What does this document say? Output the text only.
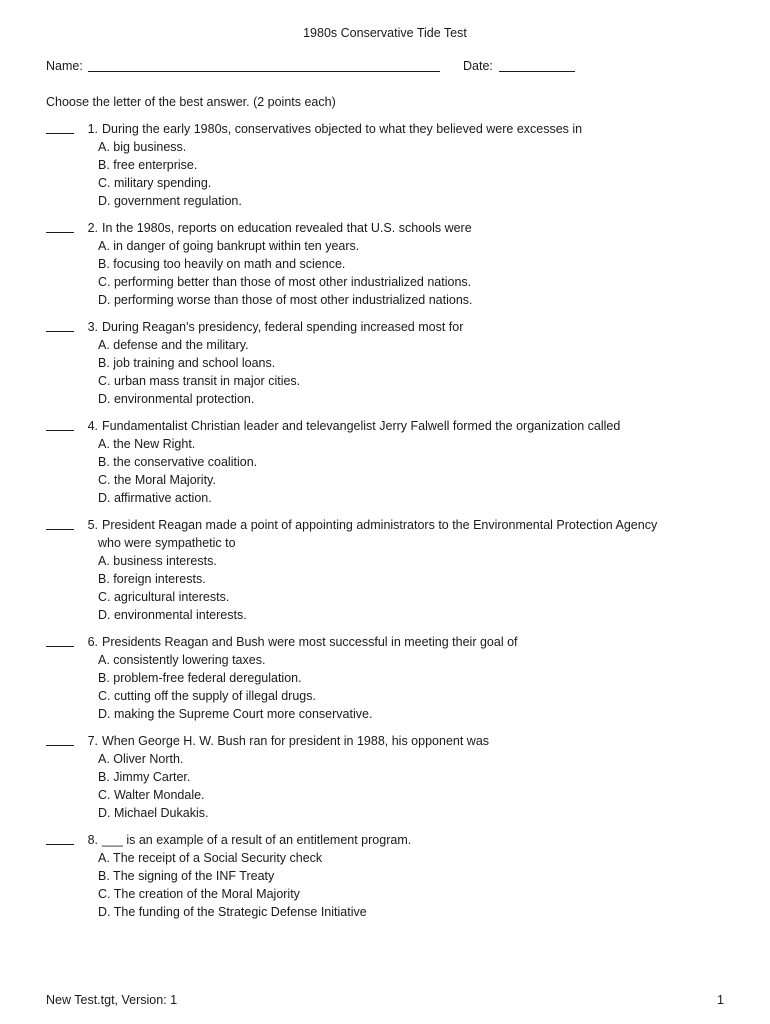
1980s Conservative Tide Test
Name:	Date:
Choose the letter of the best answer. (2 points each)
1. During the early 1980s, conservatives objected to what they believed were excesses in
A. big business.
B. free enterprise.
C. military spending.
D. government regulation.
2. In the 1980s, reports on education revealed that U.S. schools were
A. in danger of going bankrupt within ten years.
B. focusing too heavily on math and science.
C. performing better than those of most other industrialized nations.
D. performing worse than those of most other industrialized nations.
3. During Reagan's presidency, federal spending increased most for
A. defense and the military.
B. job training and school loans.
C. urban mass transit in major cities.
D. environmental protection.
4. Fundamentalist Christian leader and televangelist Jerry Falwell formed the organization called
A. the New Right.
B. the conservative coalition.
C. the Moral Majority.
D. affirmative action.
5. President Reagan made a point of appointing administrators to the Environmental Protection Agency
who were sympathetic to
A. business interests.
B. foreign interests.
C. agricultural interests.
D. environmental interests.
6. Presidents Reagan and Bush were most successful in meeting their goal of
A. consistently lowering taxes.
B. problem-free federal deregulation.
C. cutting off the supply of illegal drugs.
D. making the Supreme Court more conservative.
7. When George H. W. Bush ran for president in 1988, his opponent was
A. Oliver North.
B. Jimmy Carter.
C. Walter Mondale.
D. Michael Dukakis.
8. ___ is an example of a result of an entitlement program.
A. The receipt of a Social Security check
B. The signing of the INF Treaty
C. The creation of the Moral Majority
D. The funding of the Strategic Defense Initiative
New Test.tgt, Version: 1	1
